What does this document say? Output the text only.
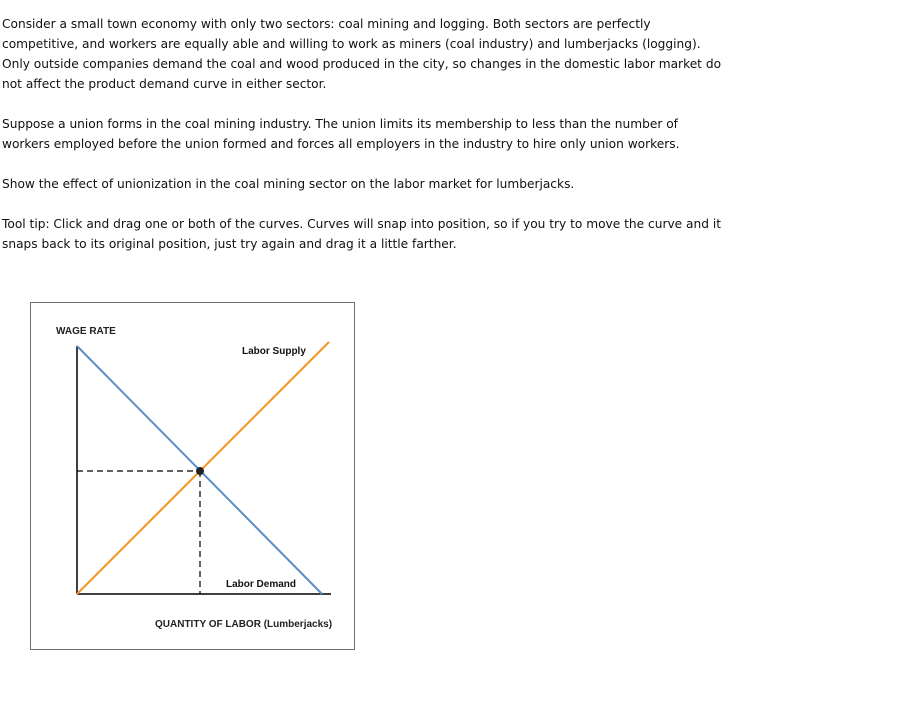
Consider a small town economy with only two sectors: coal mining and logging. Both sectors are perfectly competitive, and workers are equally able and willing to work as miners (coal industry) and lumberjacks (logging). Only outside companies demand the coal and wood produced in the city, so changes in the domestic labor market do not affect the product demand curve in either sector.

Suppose a union forms in the coal mining industry. The union limits its membership to less than the number of workers employed before the union formed and forces all employers in the industry to hire only union workers.

Show the effect of unionization in the coal mining sector on the labor market for lumberjacks.

Tool tip: Click and drag one or both of the curves. Curves will snap into position, so if you try to move the curve and it snaps back to its original position, just try again and drag it a little farther.

WAGE RATE
Labor Supply
Labor Demand
QUANTITY OF LABOR (Lumberjacks)
